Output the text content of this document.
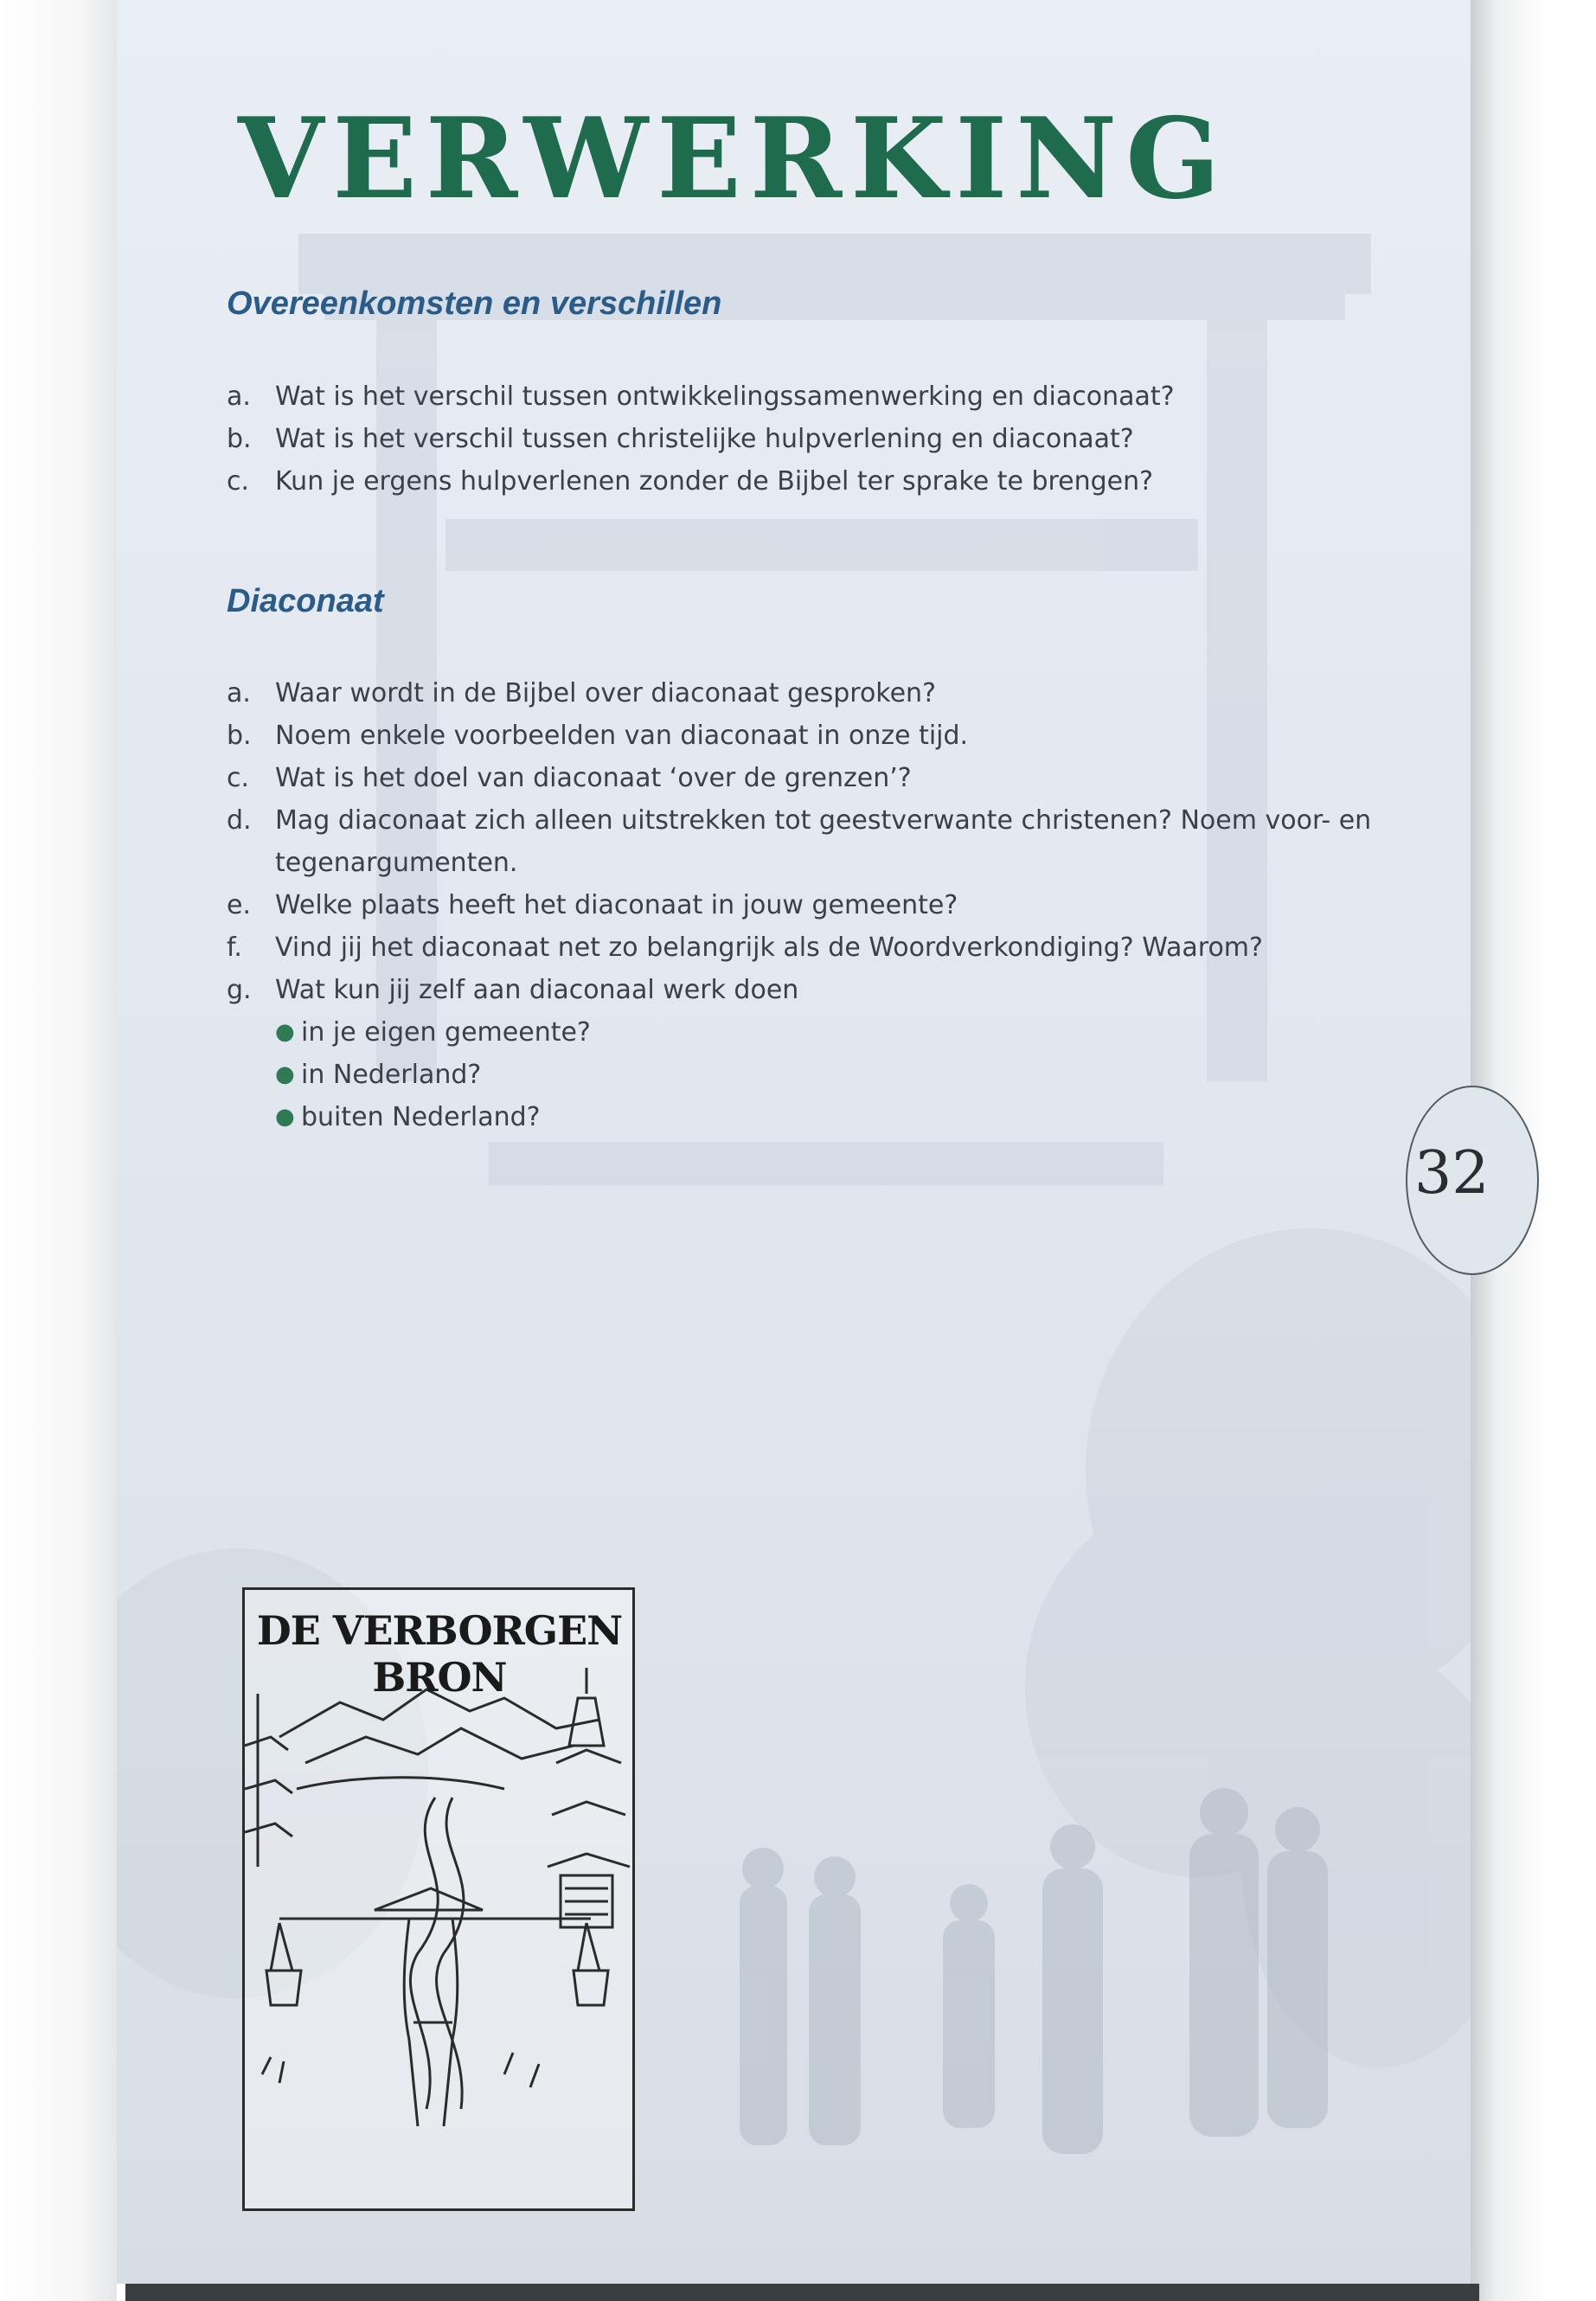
VERWERKING
Overeenkomsten en verschillen
a. Wat is het verschil tussen ontwikkelingssamenwerking en diaconaat?
b. Wat is het verschil tussen christelijke hulpverlening en diaconaat?
c. Kun je ergens hulpverlenen zonder de Bijbel ter sprake te brengen?
Diaconaat
a. Waar wordt in de Bijbel over diaconaat gesproken?
b. Noem enkele voorbeelden van diaconaat in onze tijd.
c. Wat is het doel van diaconaat ‘over de grenzen’?
d. Mag diaconaat zich alleen uitstrekken tot geestverwante christenen? Noem voor- en tegenargumenten.
e. Welke plaats heeft het diaconaat in jouw gemeente?
f.	Vind jij het diaconaat net zo belangrijk als de Woordverkondiging? Waarom?
g. Wat kun jij zelf aan diaconaal werk doen
● in je eigen gemeente?
● in Nederland?
● buiten Nederland?
DE VERBORGEN BRON
32
